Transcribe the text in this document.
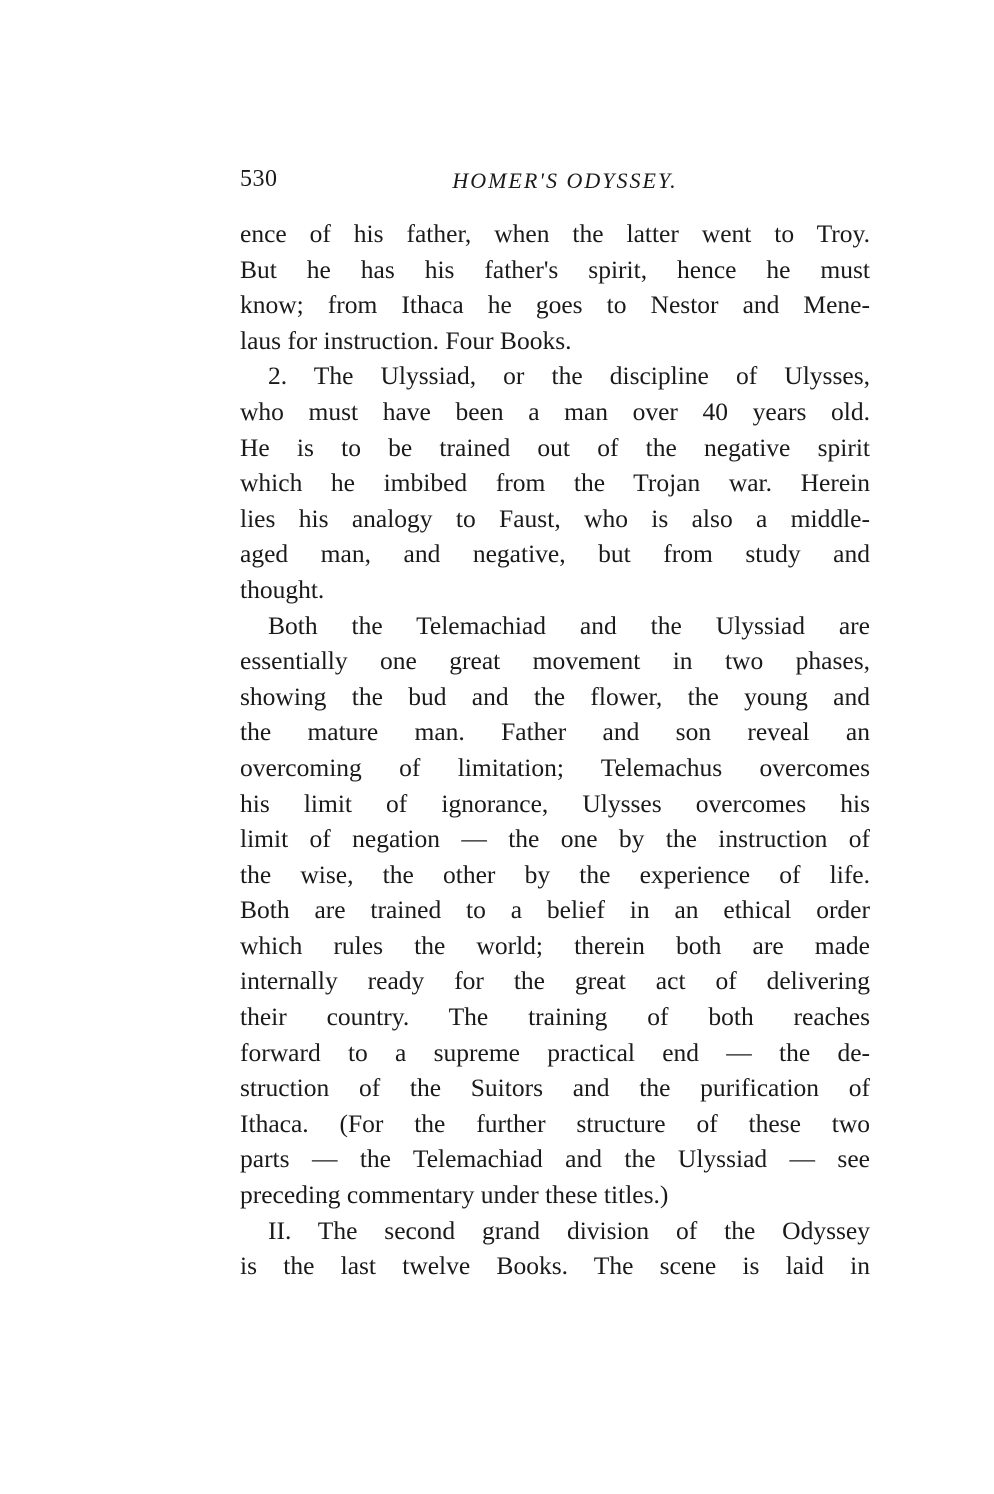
530	HOMER'S ODYSSEY.
ence of his father, when the latter went to Troy.
But he has his father's spirit, hence he must
know; from Ithaca he goes to Nestor and Mene-
laus for instruction. Four Books.
2. The Ulyssiad, or the discipline of Ulysses,
who must have been a man over 40 years old.
He is to be trained out of the negative spirit
which he imbibed from the Trojan war. Herein
lies his analogy to Faust, who is also a middle-
aged man, and negative, but from study and
thought.
Both the Telemachiad and the Ulyssiad are
essentially one great movement in two phases,
showing the bud and the flower, the young and
the mature man. Father and son reveal an
overcoming of limitation; Telemachus overcomes
his limit of ignorance, Ulysses overcomes his
limit of negation — the one by the instruction of
the wise, the other by the experience of life.
Both are trained to a belief in an ethical order
which rules the world; therein both are made
internally ready for the great act of delivering
their country. The training of both reaches
forward to a supreme practical end — the de-
struction of the Suitors and the purification of
Ithaca. (For the further structure of these two
parts — the Telemachiad and the Ulyssiad — see
preceding commentary under these titles.)
II. The second grand division of the Odyssey
is the last twelve Books. The scene is laid in
